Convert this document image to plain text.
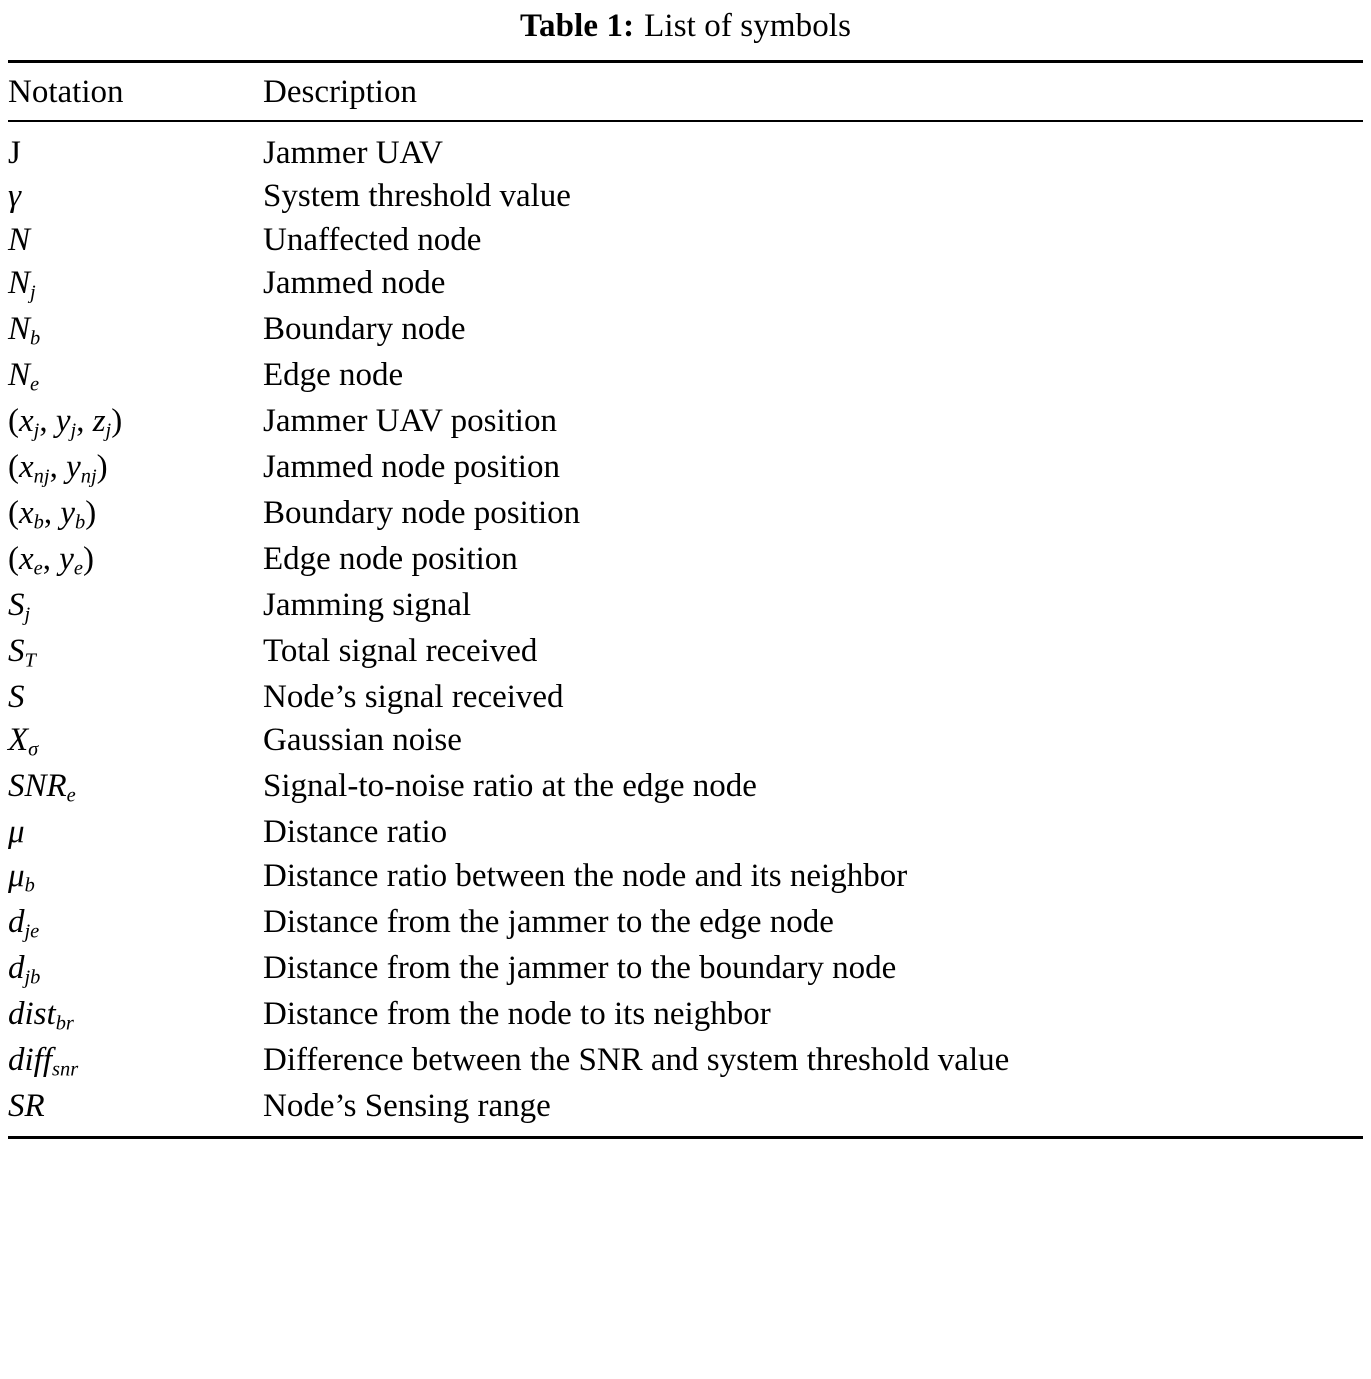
Table 1: List of symbols
Notation	Description
J	Jammer UAV
γ	System threshold value
N	Unaffected node
$N_j$	Jammed node
$N_b$	Boundary node
$N_e$	Edge node
($x_j$, $y_j$, $z_j$)	Jammer UAV position
($x_{nj}$, $y_{nj}$)	Jammed node position
($x_b$, $y_b$)	Boundary node position
($x_e$, $y_e$)	Edge node position
$S_j$	Jamming signal
$S_T$	Total signal received
S	Node’s signal received
$X_\sigma$	Gaussian noise
$SNR_e$	Signal-to-noise ratio at the edge node
μ	Distance ratio
$\mu_b$	Distance ratio between the node and its neighbor
$d_{je}$	Distance from the jammer to the edge node
$d_{jb}$	Distance from the jammer to the boundary node
dist$_{br}$	Distance from the node to its neighbor
diff$_{snr}$	Difference between the SNR and system threshold value
SR	Node’s Sensing range
